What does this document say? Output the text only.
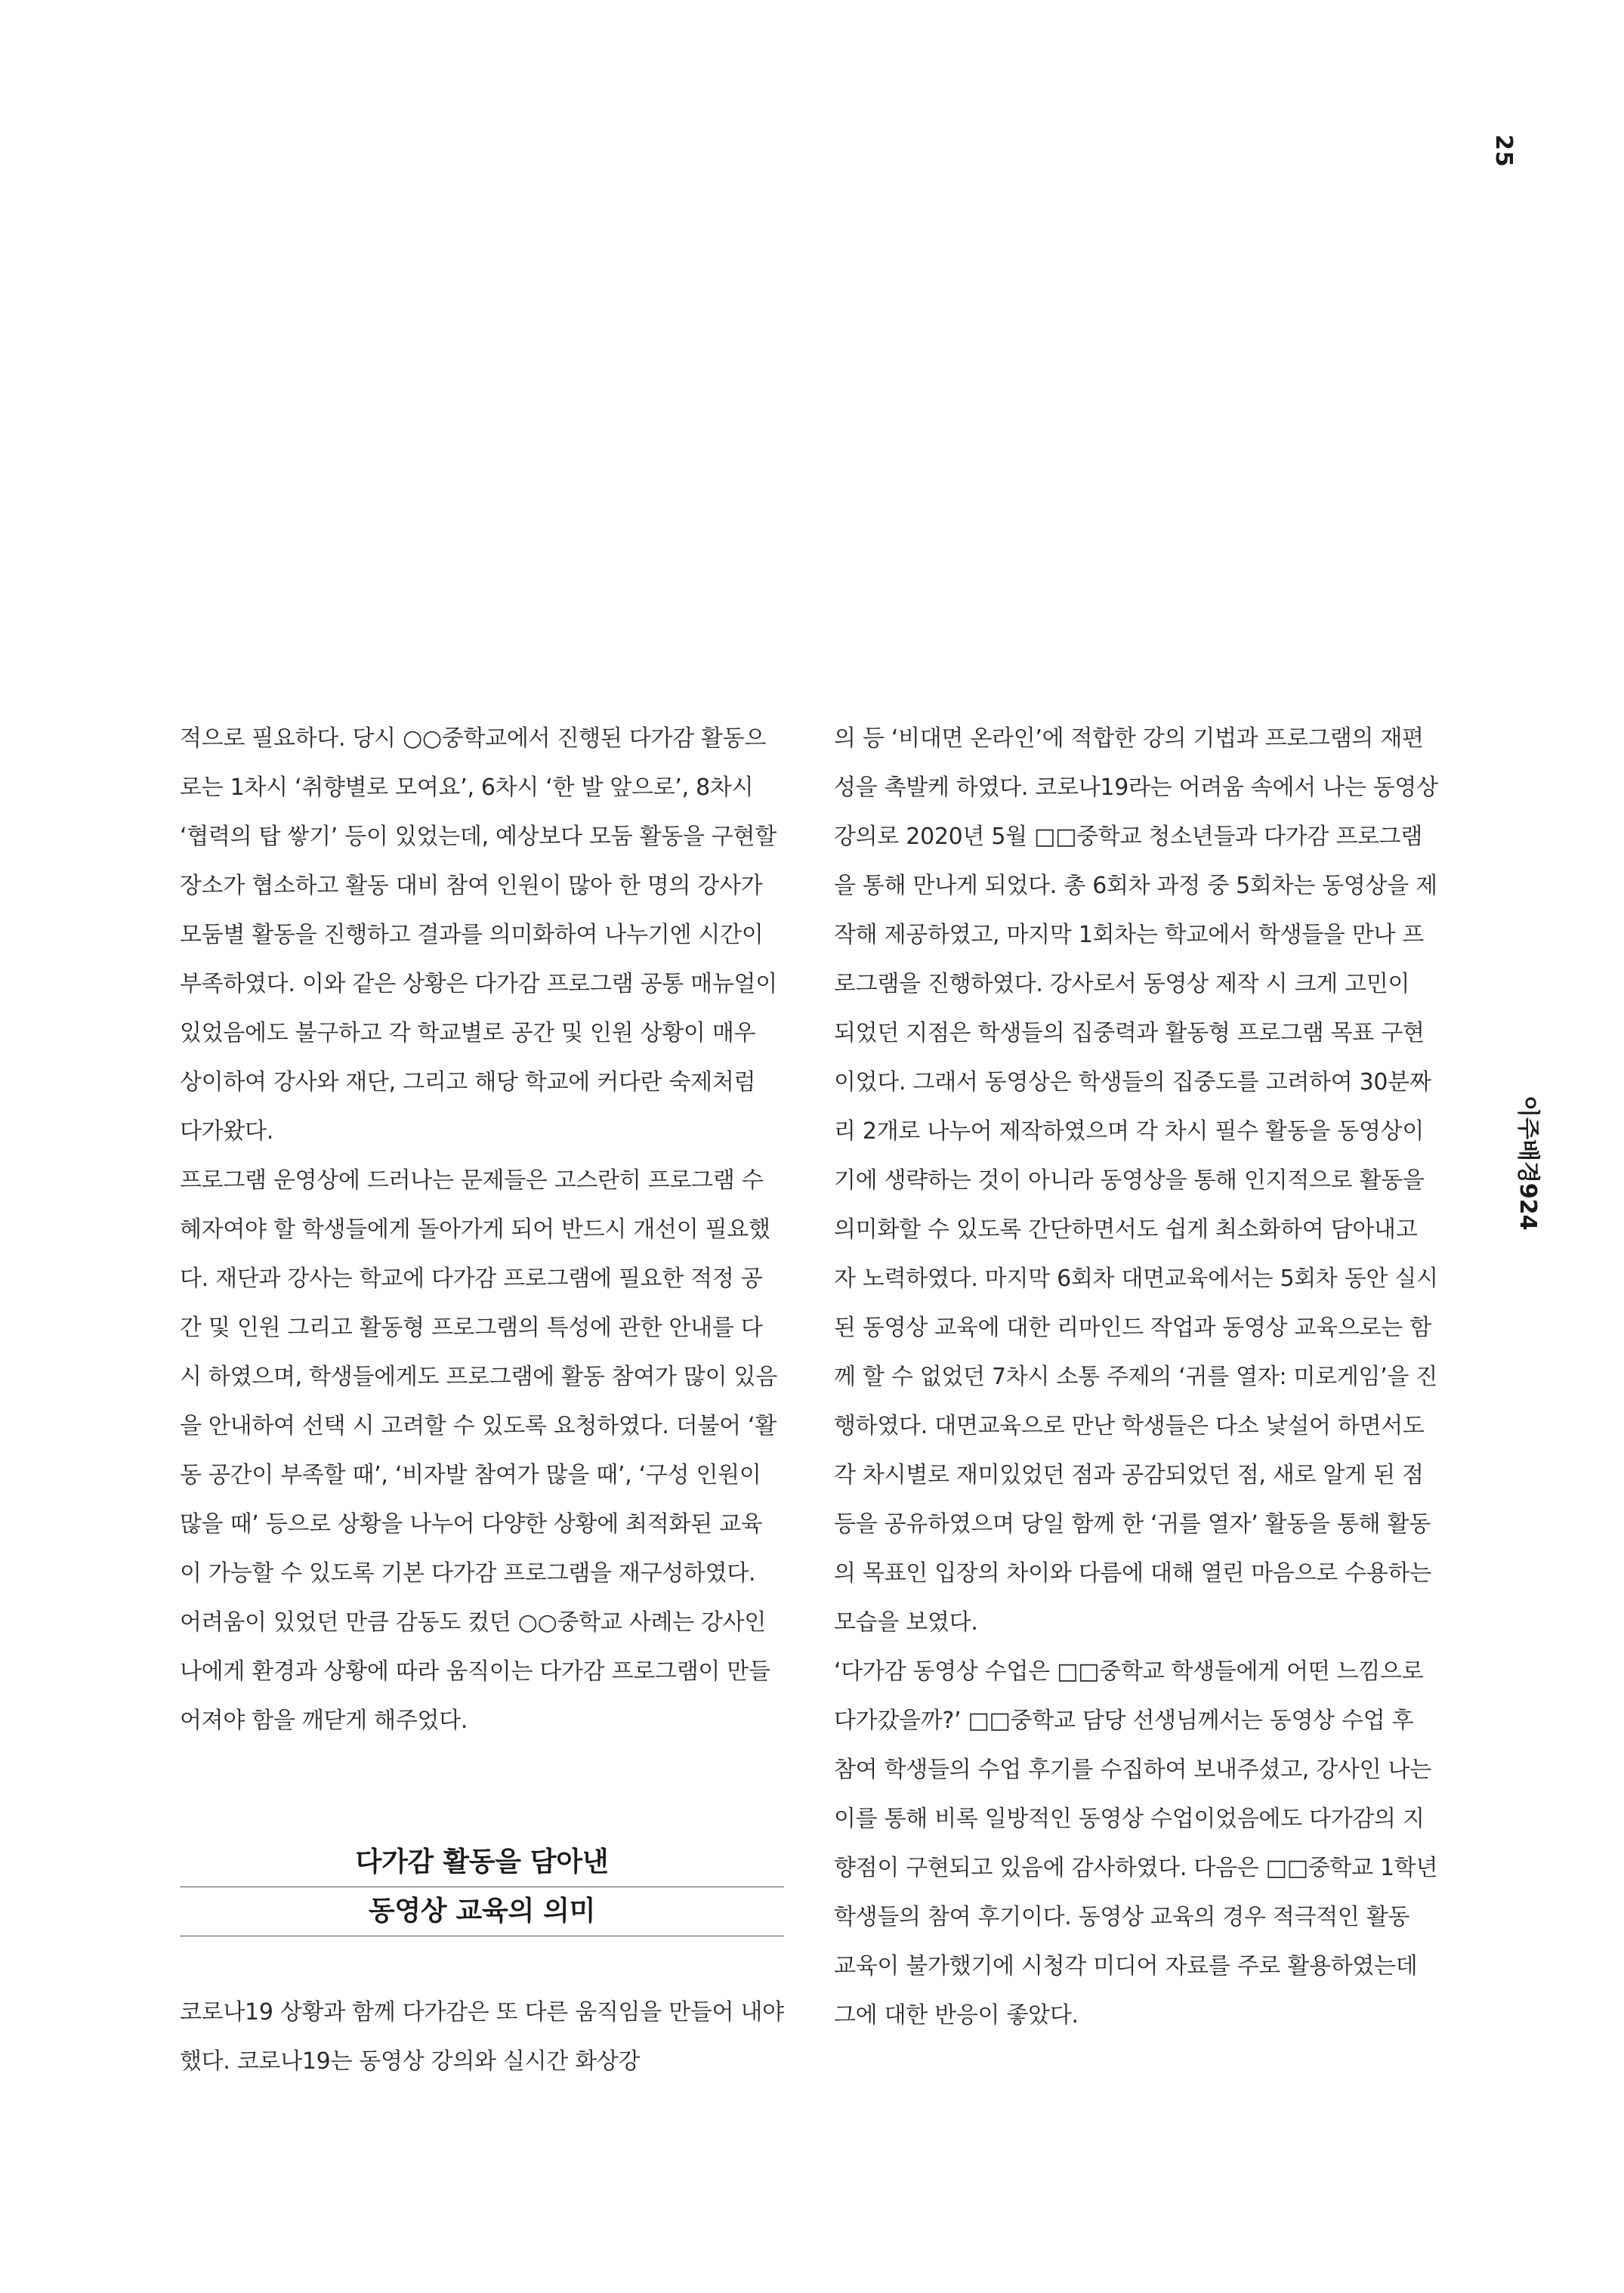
25
이주배경924

적으로 필요하다. 당시 ○○중학교에서 진행된 다가감 활동으로는 1차시 ‘취향별로 모여요’, 6차시 ‘한 발 앞으로’, 8차시 ‘협력의 탑 쌓기’ 등이 있었는데, 예상보다 모둠 활동을 구현할 장소가 협소하고 활동 대비 참여 인원이 많아 한 명의 강사가 모둠별 활동을 진행하고 결과를 의미화하여 나누기엔 시간이 부족하였다. 이와 같은 상황은 다가감 프로그램 공통 매뉴얼이 있었음에도 불구하고 각 학교별로 공간 및 인원 상황이 매우 상이하여 강사와 재단, 그리고 해당 학교에 커다란 숙제처럼 다가왔다.

프로그램 운영상에 드러나는 문제들은 고스란히 프로그램 수혜자여야 할 학생들에게 돌아가게 되어 반드시 개선이 필요했다. 재단과 강사는 학교에 다가감 프로그램에 필요한 적정 공간 및 인원 그리고 활동형 프로그램의 특성에 관한 안내를 다시 하였으며, 학생들에게도 프로그램에 활동 참여가 많이 있음을 안내하여 선택 시 고려할 수 있도록 요청하였다. 더불어 ‘활동 공간이 부족할 때’, ‘비자발 참여가 많을 때’, ‘구성 인원이 많을 때’ 등으로 상황을 나누어 다양한 상황에 최적화된 교육이 가능할 수 있도록 기본 다가감 프로그램을 재구성하였다. 어려움이 있었던 만큼 감동도 컸던 ○○중학교 사례는 강사인 나에게 환경과 상황에 따라 움직이는 다가감 프로그램이 만들어져야 함을 깨닫게 해주었다.

다가감 활동을 담아낸
동영상 교육의 의미

코로나19 상황과 함께 다가감은 또 다른 움직임을 만들어 내야 했다. 코로나19는 동영상 강의와 실시간 화상강

의 등 ‘비대면 온라인’에 적합한 강의 기법과 프로그램의 재편성을 촉발케 하였다. 코로나19라는 어려움 속에서 나는 동영상 강의로 2020년 5월 □□중학교 청소년들과 다가감 프로그램을 통해 만나게 되었다. 총 6회차 과정 중 5회차는 동영상을 제작해 제공하였고, 마지막 1회차는 학교에서 학생들을 만나 프로그램을 진행하였다. 강사로서 동영상 제작 시 크게 고민이 되었던 지점은 학생들의 집중력과 활동형 프로그램 목표 구현이었다. 그래서 동영상은 학생들의 집중도를 고려하여 30분짜리 2개로 나누어 제작하였으며 각 차시 필수 활동을 동영상이기에 생략하는 것이 아니라 동영상을 통해 인지적으로 활동을 의미화할 수 있도록 간단하면서도 쉽게 최소화하여 담아내고자 노력하였다. 마지막 6회차 대면교육에서는 5회차 동안 실시된 동영상 교육에 대한 리마인드 작업과 동영상 교육으로는 함께 할 수 없었던 7차시 소통 주제의 ‘귀를 열자: 미로게임’을 진행하였다. 대면교육으로 만난 학생들은 다소 낯설어 하면서도 각 차시별로 재미있었던 점과 공감되었던 점, 새로 알게 된 점 등을 공유하였으며 당일 함께 한 ‘귀를 열자’ 활동을 통해 활동의 목표인 입장의 차이와 다름에 대해 열린 마음으로 수용하는 모습을 보였다.

‘다가감 동영상 수업은 □□중학교 학생들에게 어떤 느낌으로 다가갔을까?’ □□중학교 담당 선생님께서는 동영상 수업 후 참여 학생들의 수업 후기를 수집하여 보내주셨고, 강사인 나는 이를 통해 비록 일방적인 동영상 수업이었음에도 다가감의 지향점이 구현되고 있음에 감사하였다. 다음은 □□중학교 1학년 학생들의 참여 후기이다. 동영상 교육의 경우 적극적인 활동 교육이 불가했기에 시청각 미디어 자료를 주로 활용하였는데 그에 대한 반응이 좋았다.
